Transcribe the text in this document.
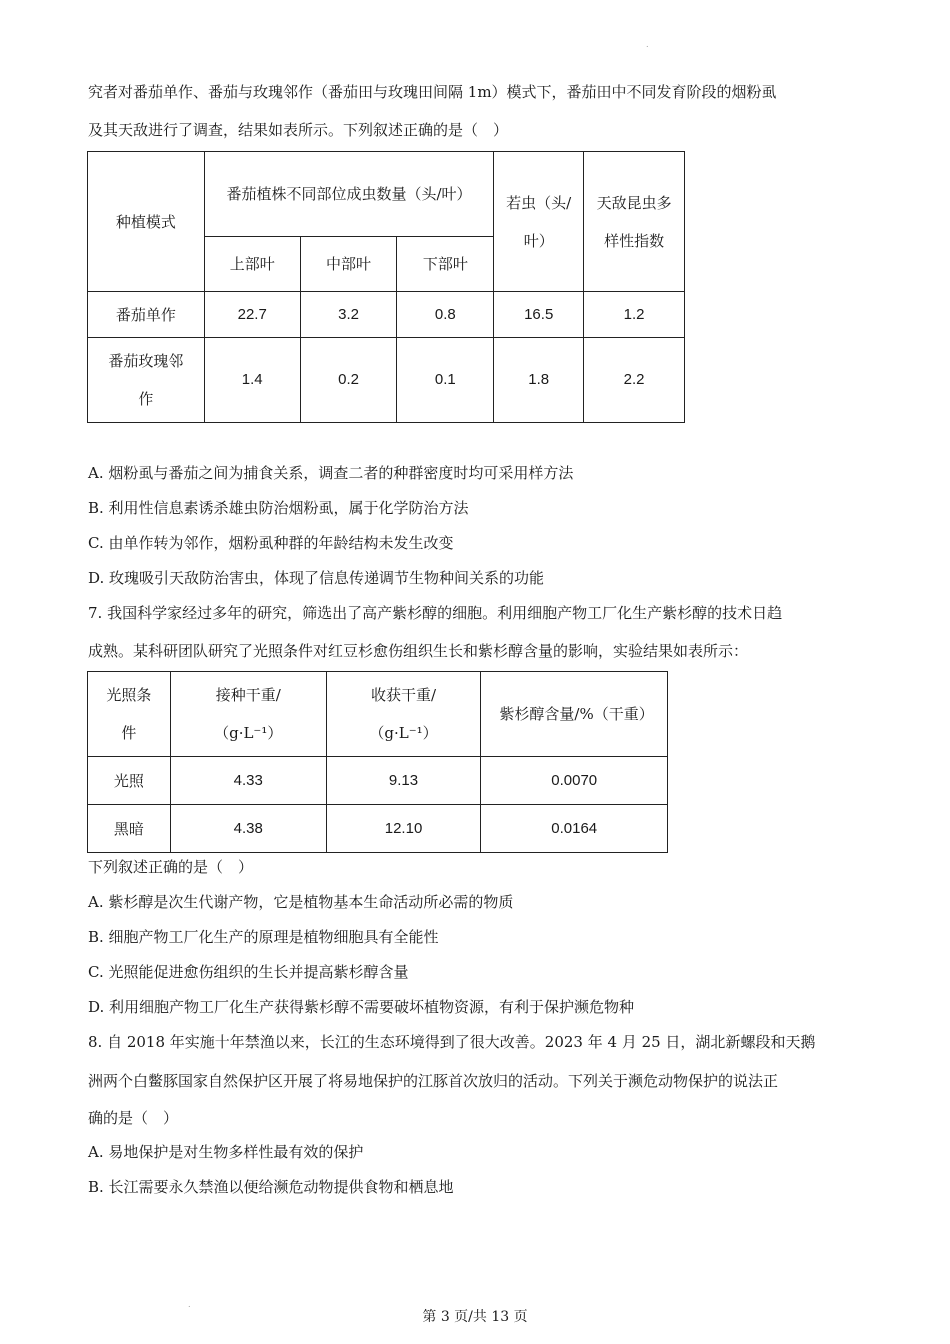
.
究者对番茄单作、番茄与玫瑰邻作（番茄田与玫瑰田间隔 1m）模式下，番茄田中不同发育阶段的烟粉虱
及其天敌进行了调查，结果如表所示。下列叙述正确的是（　）
种植模式	番茄植株不同部位成虫数量（头/叶）			若虫（头/叶）	天敌昆虫多样性指数
	上部叶	中部叶	下部叶		
番茄单作	22.7	3.2	0.8	16.5	1.2
番茄玫瑰邻作	1.4	0.2	0.1	1.8	2.2
A. 烟粉虱与番茄之间为捕食关系，调查二者的种群密度时均可采用样方法
B. 利用性信息素诱杀雄虫防治烟粉虱，属于化学防治方法
C. 由单作转为邻作，烟粉虱种群的年龄结构未发生改变
D. 玫瑰吸引天敌防治害虫，体现了信息传递调节生物种间关系的功能
7. 我国科学家经过多年的研究，筛选出了高产紫杉醇的细胞。利用细胞产物工厂化生产紫杉醇的技术日趋
成熟。某科研团队研究了光照条件对红豆杉愈伤组织生长和紫杉醇含量的影响，实验结果如表所示：
光照条件	接种干重/（g·L⁻¹）	收获干重/（g·L⁻¹）	紫杉醇含量/%（干重）
光照	4.33	9.13	0.0070
黑暗	4.38	12.10	0.0164
下列叙述正确的是（　）
A. 紫杉醇是次生代谢产物，它是植物基本生命活动所必需的物质
B. 细胞产物工厂化生产的原理是植物细胞具有全能性
C. 光照能促进愈伤组织的生长并提高紫杉醇含量
D. 利用细胞产物工厂化生产获得紫杉醇不需要破坏植物资源，有利于保护濒危物种
8. 自 2018 年实施十年禁渔以来，长江的生态环境得到了很大改善。2023 年 4 月 25 日，湖北新螺段和天鹅
洲两个白鳖豚国家自然保护区开展了将易地保护的江豚首次放归的活动。下列关于濒危动物保护的说法正
确的是（　）
A. 易地保护是对生物多样性最有效的保护
B. 长江需要永久禁渔以便给濒危动物提供食物和栖息地
.
第 3 页/共 13 页
